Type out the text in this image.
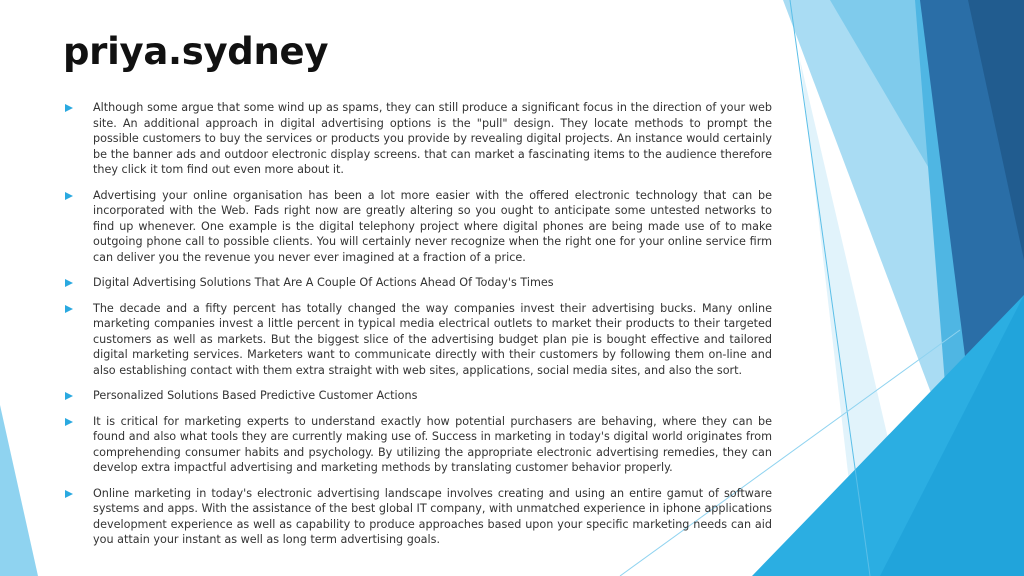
priya.sydney
Although some argue that some wind up as spams, they can still produce a significant focus in the direction of your web site. An additional approach in digital advertising options is the "pull" design. They locate methods to prompt the possible customers to buy the services or products you provide by revealing digital projects. An instance would certainly be the banner ads and outdoor electronic display screens. that can market a fascinating items to the audience therefore they click it tom find out even more about it.
Advertising your online organisation has been a lot more easier with the offered electronic technology that can be incorporated with the Web. Fads right now are greatly altering so you ought to anticipate some untested networks to find up whenever. One example is the digital telephony project where digital phones are being made use of to make outgoing phone call to possible clients. You will certainly never recognize when the right one for your online service firm can deliver you the revenue you never ever imagined at a fraction of a price.
Digital Advertising Solutions That Are A Couple Of Actions Ahead Of Today's Times
The decade and a fifty percent has totally changed the way companies invest their advertising bucks. Many online marketing companies invest a little percent in typical media electrical outlets to market their products to their targeted customers as well as markets. But the biggest slice of the advertising budget plan pie is bought effective and tailored digital marketing services. Marketers want to communicate directly with their customers by following them on-line and also establishing contact with them extra straight with web sites, applications, social media sites, and also the sort.
Personalized Solutions Based Predictive Customer Actions
It is critical for marketing experts to understand exactly how potential purchasers are behaving, where they can be found and also what tools they are currently making use of. Success in marketing in today's digital world originates from comprehending consumer habits and psychology. By utilizing the appropriate electronic advertising remedies, they can develop extra impactful advertising and marketing methods by translating customer behavior properly.
Online marketing in today's electronic advertising landscape involves creating and using an entire gamut of software systems and apps. With the assistance of the best global IT company, with unmatched experience in iphone applications development experience as well as capability to produce approaches based upon your specific marketing needs can aid you attain your instant as well as long term advertising goals.
